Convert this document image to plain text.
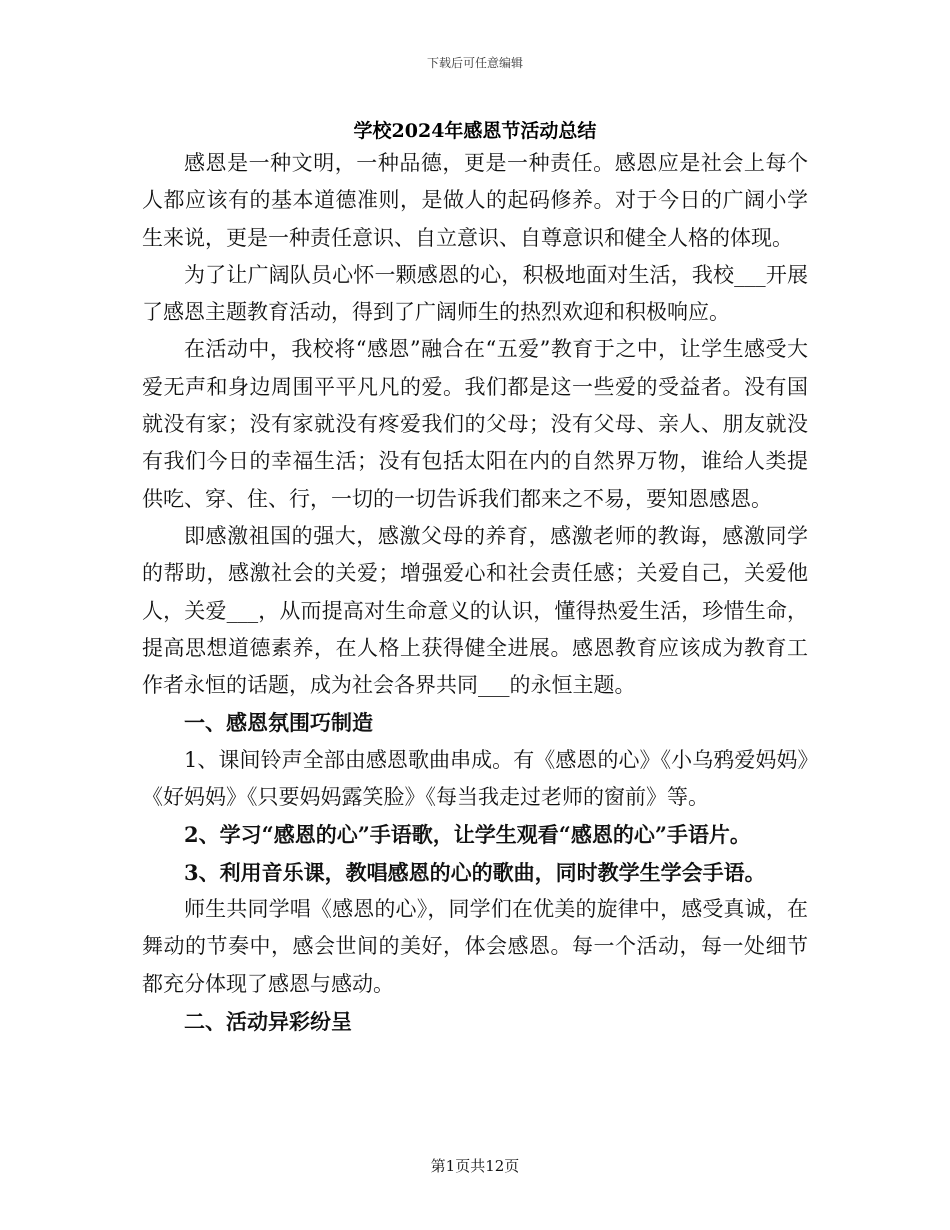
下载后可任意编辑
学校2024年感恩节活动总结

感恩是一种文明，一种品德，更是一种责任。感恩应是社会上每个人都应该有的基本道德准则，是做人的起码修养。对于今日的广阔小学生来说，更是一种责任意识、自立意识、自尊意识和健全人格的体现。

为了让广阔队员心怀一颗感恩的心，积极地面对生活，我校___开展了感恩主题教育活动，得到了广阔师生的热烈欢迎和积极响应。

在活动中，我校将“感恩”融合在“五爱”教育于之中，让学生感受大爱无声和身边周围平平凡凡的爱。我们都是这一些爱的受益者。没有国就没有家；没有家就没有疼爱我们的父母；没有父母、亲人、朋友就没有我们今日的幸福生活；没有包括太阳在内的自然界万物，谁给人类提供吃、穿、住、行，一切的一切告诉我们都来之不易，要知恩感恩。

即感激祖国的强大，感激父母的养育，感激老师的教诲，感激同学的帮助，感激社会的关爱；增强爱心和社会责任感；关爱自己，关爱他人，关爱___，从而提高对生命意义的认识，懂得热爱生活，珍惜生命，提高思想道德素养，在人格上获得健全进展。感恩教育应该成为教育工作者永恒的话题，成为社会各界共同___的永恒主题。

一、感恩氛围巧制造

1、课间铃声全部由感恩歌曲串成。有《感恩的心》《小乌鸦爱妈妈》《好妈妈》《只要妈妈露笑脸》《每当我走过老师的窗前》等。

2、学习“感恩的心”手语歌，让学生观看“感恩的心”手语片。

3、利用音乐课，教唱感恩的心的歌曲，同时教学生学会手语。

师生共同学唱《感恩的心》，同学们在优美的旋律中，感受真诚，在舞动的节奏中，感会世间的美好，体会感恩。每一个活动，每一处细节都充分体现了感恩与感动。

二、活动异彩纷呈

第1页共12页
